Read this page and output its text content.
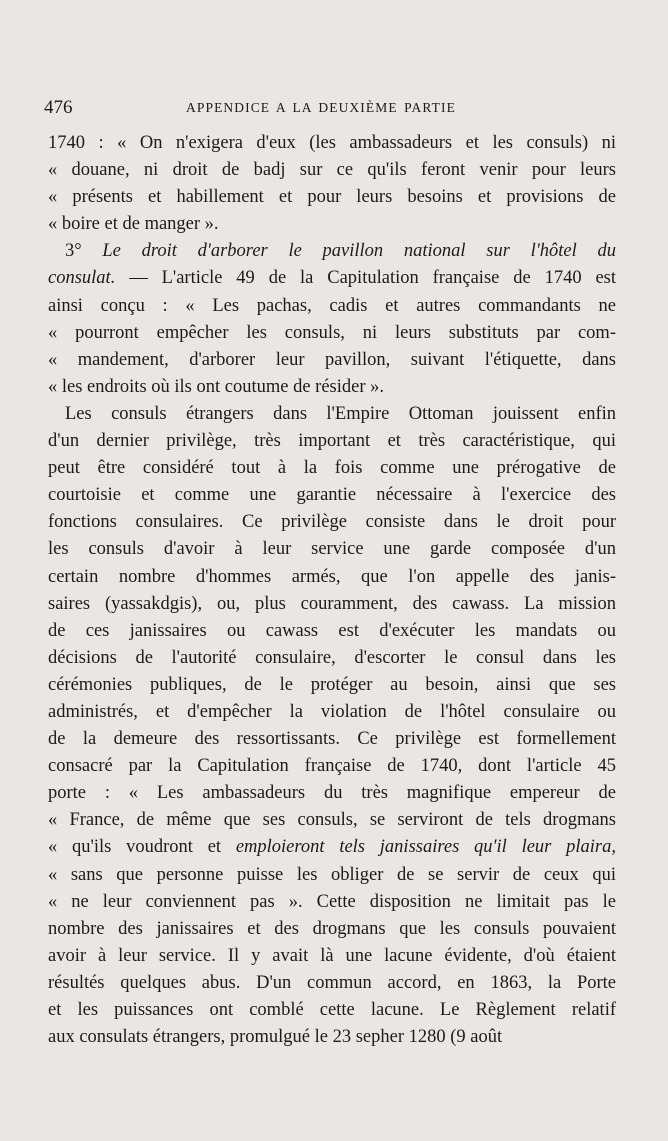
476	APPENDICE A LA DEUXIÈME PARTIE
1740 : « On n'exigera d'eux (les ambassadeurs et les consuls) ni
« douane, ni droit de badj sur ce qu'ils feront venir pour leurs
« présents et habillement et pour leurs besoins et provisions de
« boire et de manger ».
3° Le droit d'arborer le pavillon national sur l'hôtel du
consulat. — L'article 49 de la Capitulation française de 1740 est
ainsi conçu : « Les pachas, cadis et autres commandants ne
« pourront empêcher les consuls, ni leurs substituts par com-
« mandement, d'arborer leur pavillon, suivant l'étiquette, dans
« les endroits où ils ont coutume de résider ».
Les consuls étrangers dans l'Empire Ottoman jouissent enfin
d'un dernier privilège, très important et très caractéristique, qui
peut être considéré tout à la fois comme une prérogative de
courtoisie et comme une garantie nécessaire à l'exercice des
fonctions consulaires. Ce privilège consiste dans le droit pour
les consuls d'avoir à leur service une garde composée d'un
certain nombre d'hommes armés, que l'on appelle des janis-
saires (yassakdgis), ou, plus couramment, des cawass. La mission
de ces janissaires ou cawass est d'exécuter les mandats ou
décisions de l'autorité consulaire, d'escorter le consul dans les
cérémonies publiques, de le protéger au besoin, ainsi que ses
administrés, et d'empêcher la violation de l'hôtel consulaire ou
de la demeure des ressortissants. Ce privilège est formellement
consacré par la Capitulation française de 1740, dont l'article 45
porte : « Les ambassadeurs du très magnifique empereur de
« France, de même que ses consuls, se serviront de tels drogmans
« qu'ils voudront et emploieront tels janissaires qu'il leur plaira,
« sans que personne puisse les obliger de se servir de ceux qui
« ne leur conviennent pas ». Cette disposition ne limitait pas le
nombre des janissaires et des drogmans que les consuls pouvaient
avoir à leur service. Il y avait là une lacune évidente, d'où étaient
résultés quelques abus. D'un commun accord, en 1863, la Porte
et les puissances ont comblé cette lacune. Le Règlement relatif
aux consulats étrangers, promulgué le 23 sepher 1280 (9 août
